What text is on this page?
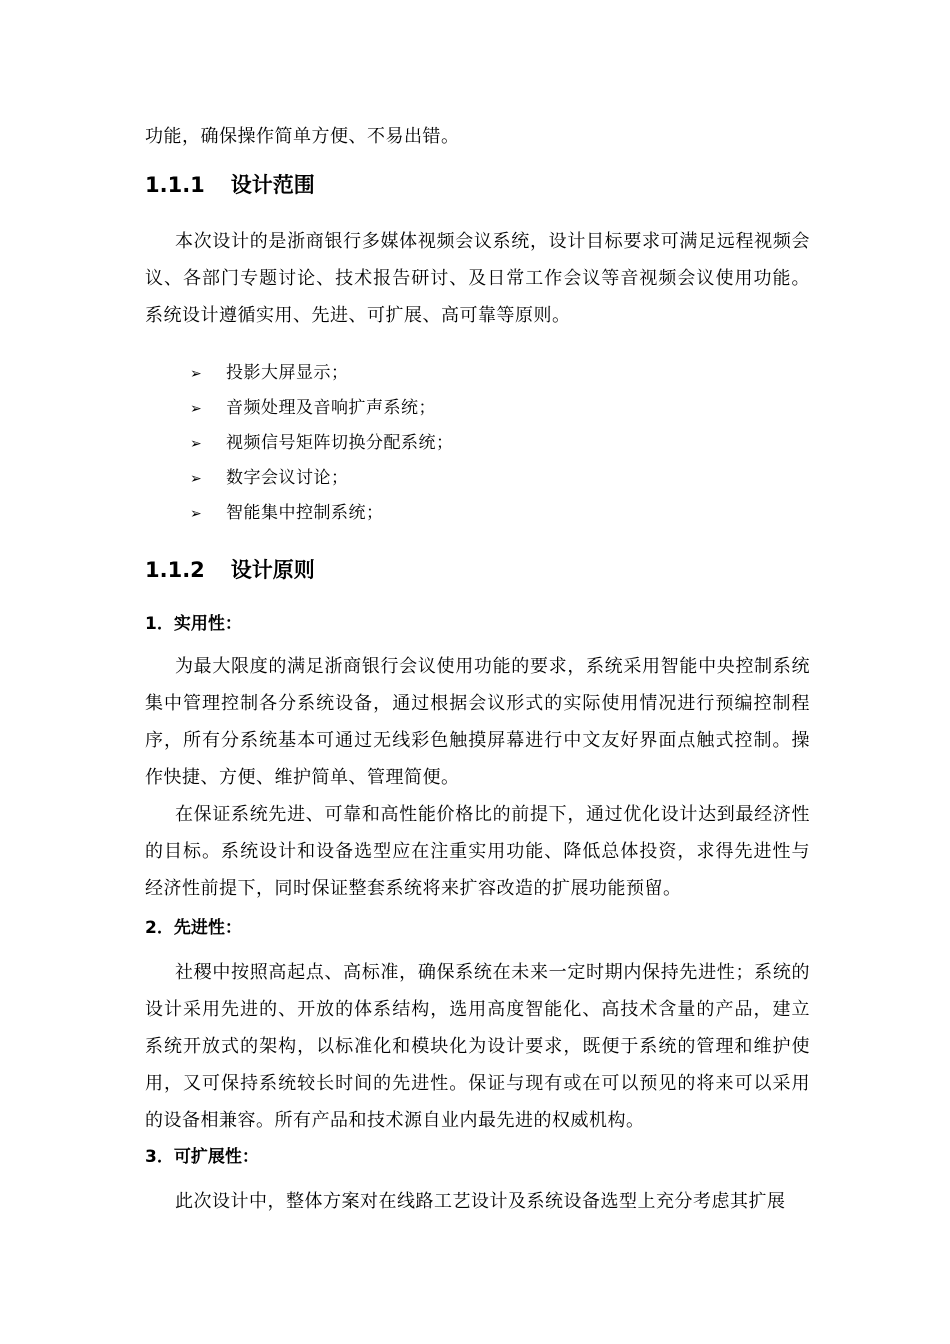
功能，确保操作简单方便、不易出错。
1.1.1 设计范围
本次设计的是浙商银行多媒体视频会议系统，设计目标要求可满足远程视频会议、各部门专题讨论、技术报告研讨、及日常工作会议等音视频会议使用功能。系统设计遵循实用、先进、可扩展、高可靠等原则。
➢ 投影大屏显示；
➢ 音频处理及音响扩声系统；
➢ 视频信号矩阵切换分配系统；
➢ 数字会议讨论；
➢ 智能集中控制系统；
1.1.2 设计原则
1．实用性：
为最大限度的满足浙商银行会议使用功能的要求，系统采用智能中央控制系统集中管理控制各分系统设备，通过根据会议形式的实际使用情况进行预编控制程序，所有分系统基本可通过无线彩色触摸屏幕进行中文友好界面点触式控制。操作快捷、方便、维护简单、管理简便。
在保证系统先进、可靠和高性能价格比的前提下，通过优化设计达到最经济性的目标。系统设计和设备选型应在注重实用功能、降低总体投资，求得先进性与经济性前提下，同时保证整套系统将来扩容改造的扩展功能预留。
2．先进性：
社稷中按照高起点、高标准，确保系统在未来一定时期内保持先进性；系统的设计采用先进的、开放的体系结构，选用高度智能化、高技术含量的产品，建立系统开放式的架构，以标准化和模块化为设计要求，既便于系统的管理和维护使用，又可保持系统较长时间的先进性。保证与现有或在可以预见的将来可以采用的设备相兼容。所有产品和技术源自业内最先进的权威机构。
3．可扩展性：
此次设计中，整体方案对在线路工艺设计及系统设备选型上充分考虑其扩展
